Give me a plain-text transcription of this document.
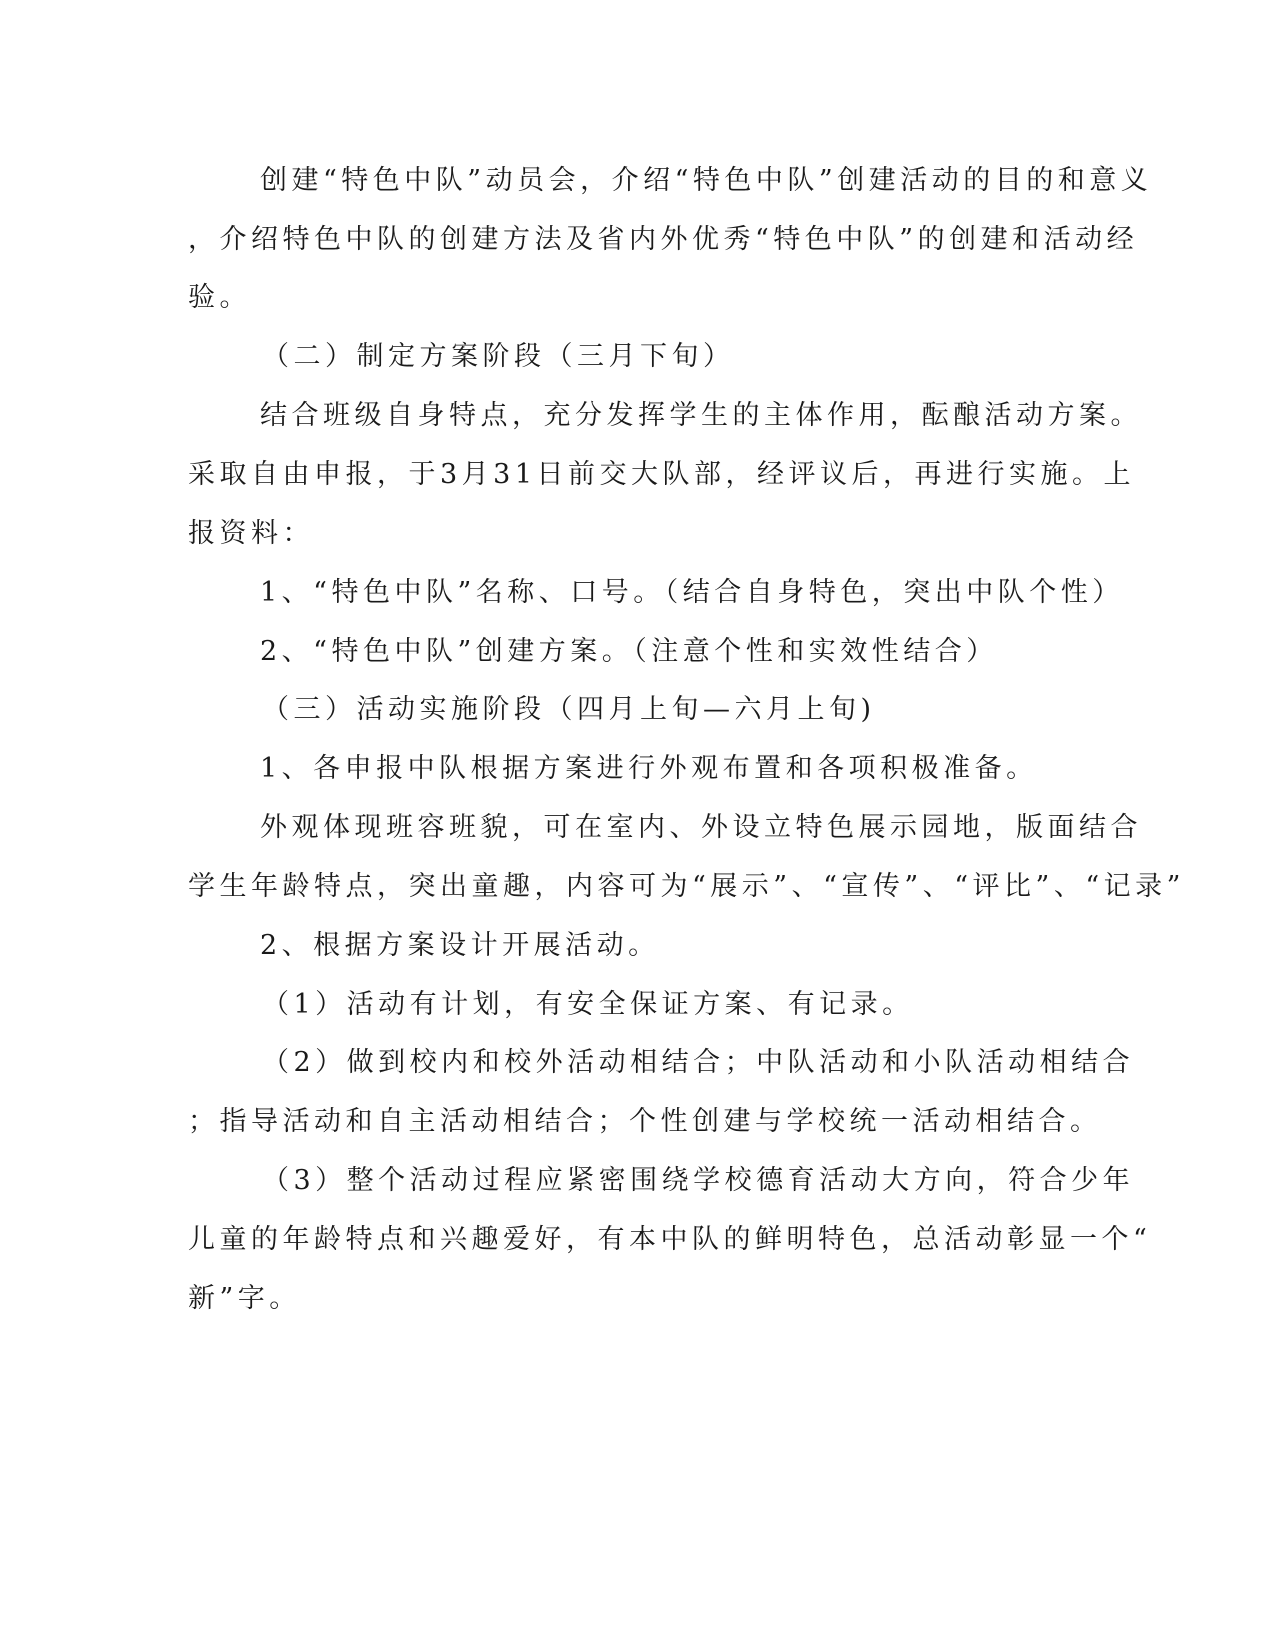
创建“特色中队”动员会，介绍“特色中队”创建活动的目的和意义
，介绍特色中队的创建方法及省内外优秀“特色中队”的创建和活动经
验。
（二）制定方案阶段（三月下旬）
结合班级自身特点，充分发挥学生的主体作用，酝酿活动方案。
采取自由申报，于3月31日前交大队部，经评议后，再进行实施。上
报资料：
1、“特色中队”名称、口号。（结合自身特色，突出中队个性）
2、“特色中队”创建方案。（注意个性和实效性结合）
（三）活动实施阶段（四月上旬—六月上旬)
1、各申报中队根据方案进行外观布置和各项积极准备。
外观体现班容班貌，可在室内、外设立特色展示园地，版面结合
学生年龄特点，突出童趣，内容可为“展示”、“宣传”、“评比”、“记录”
2、根据方案设计开展活动。
（1）活动有计划，有安全保证方案、有记录。
（2）做到校内和校外活动相结合；中队活动和小队活动相结合
；指导活动和自主活动相结合；个性创建与学校统一活动相结合。
（3）整个活动过程应紧密围绕学校德育活动大方向，符合少年
儿童的年龄特点和兴趣爱好，有本中队的鲜明特色，总活动彰显一个“
新”字。
